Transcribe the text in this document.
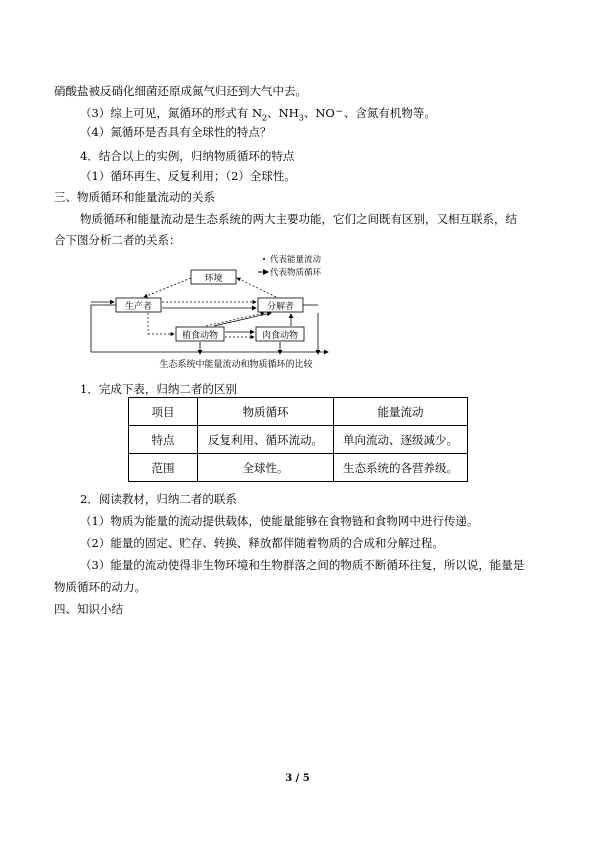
硝酸盐被反硝化细菌还原成氮气归还到大气中去。
（3）综上可见，氮循环的形式有 $N_2$、$NH_3$、NO−、含氮有机物等。
（4）氮循环是否具有全球性的特点？
4．结合以上的实例，归纳物质循环的特点
（1）循环再生、反复利用；（2）全球性。
三、物质循环和能量流动的关系
物质循环和能量流动是生态系统的两大主要功能，它们之间既有区别，又相互联系，结
合下图分析二者的关系：
代表能量流动
代表物质循环
环境
生产者	分解者
植食动物	肉食动物
生态系统中能量流动和物质循环的比较
1．完成下表，归纳二者的区别
项目	物质循环	能量流动
特点	反复利用、循环流动。	单向流动、逐级减少。
范围	全球性。	生态系统的各营养级。
2．阅读教材，归纳二者的联系
（1）物质为能量的流动提供载体，使能量能够在食物链和食物网中进行传递。
（2）能量的固定、贮存、转换、释放都伴随着物质的合成和分解过程。
（3）能量的流动使得非生物环境和生物群落之间的物质不断循环往复，所以说，能量是
物质循环的动力。
四、知识小结
3 / 5
